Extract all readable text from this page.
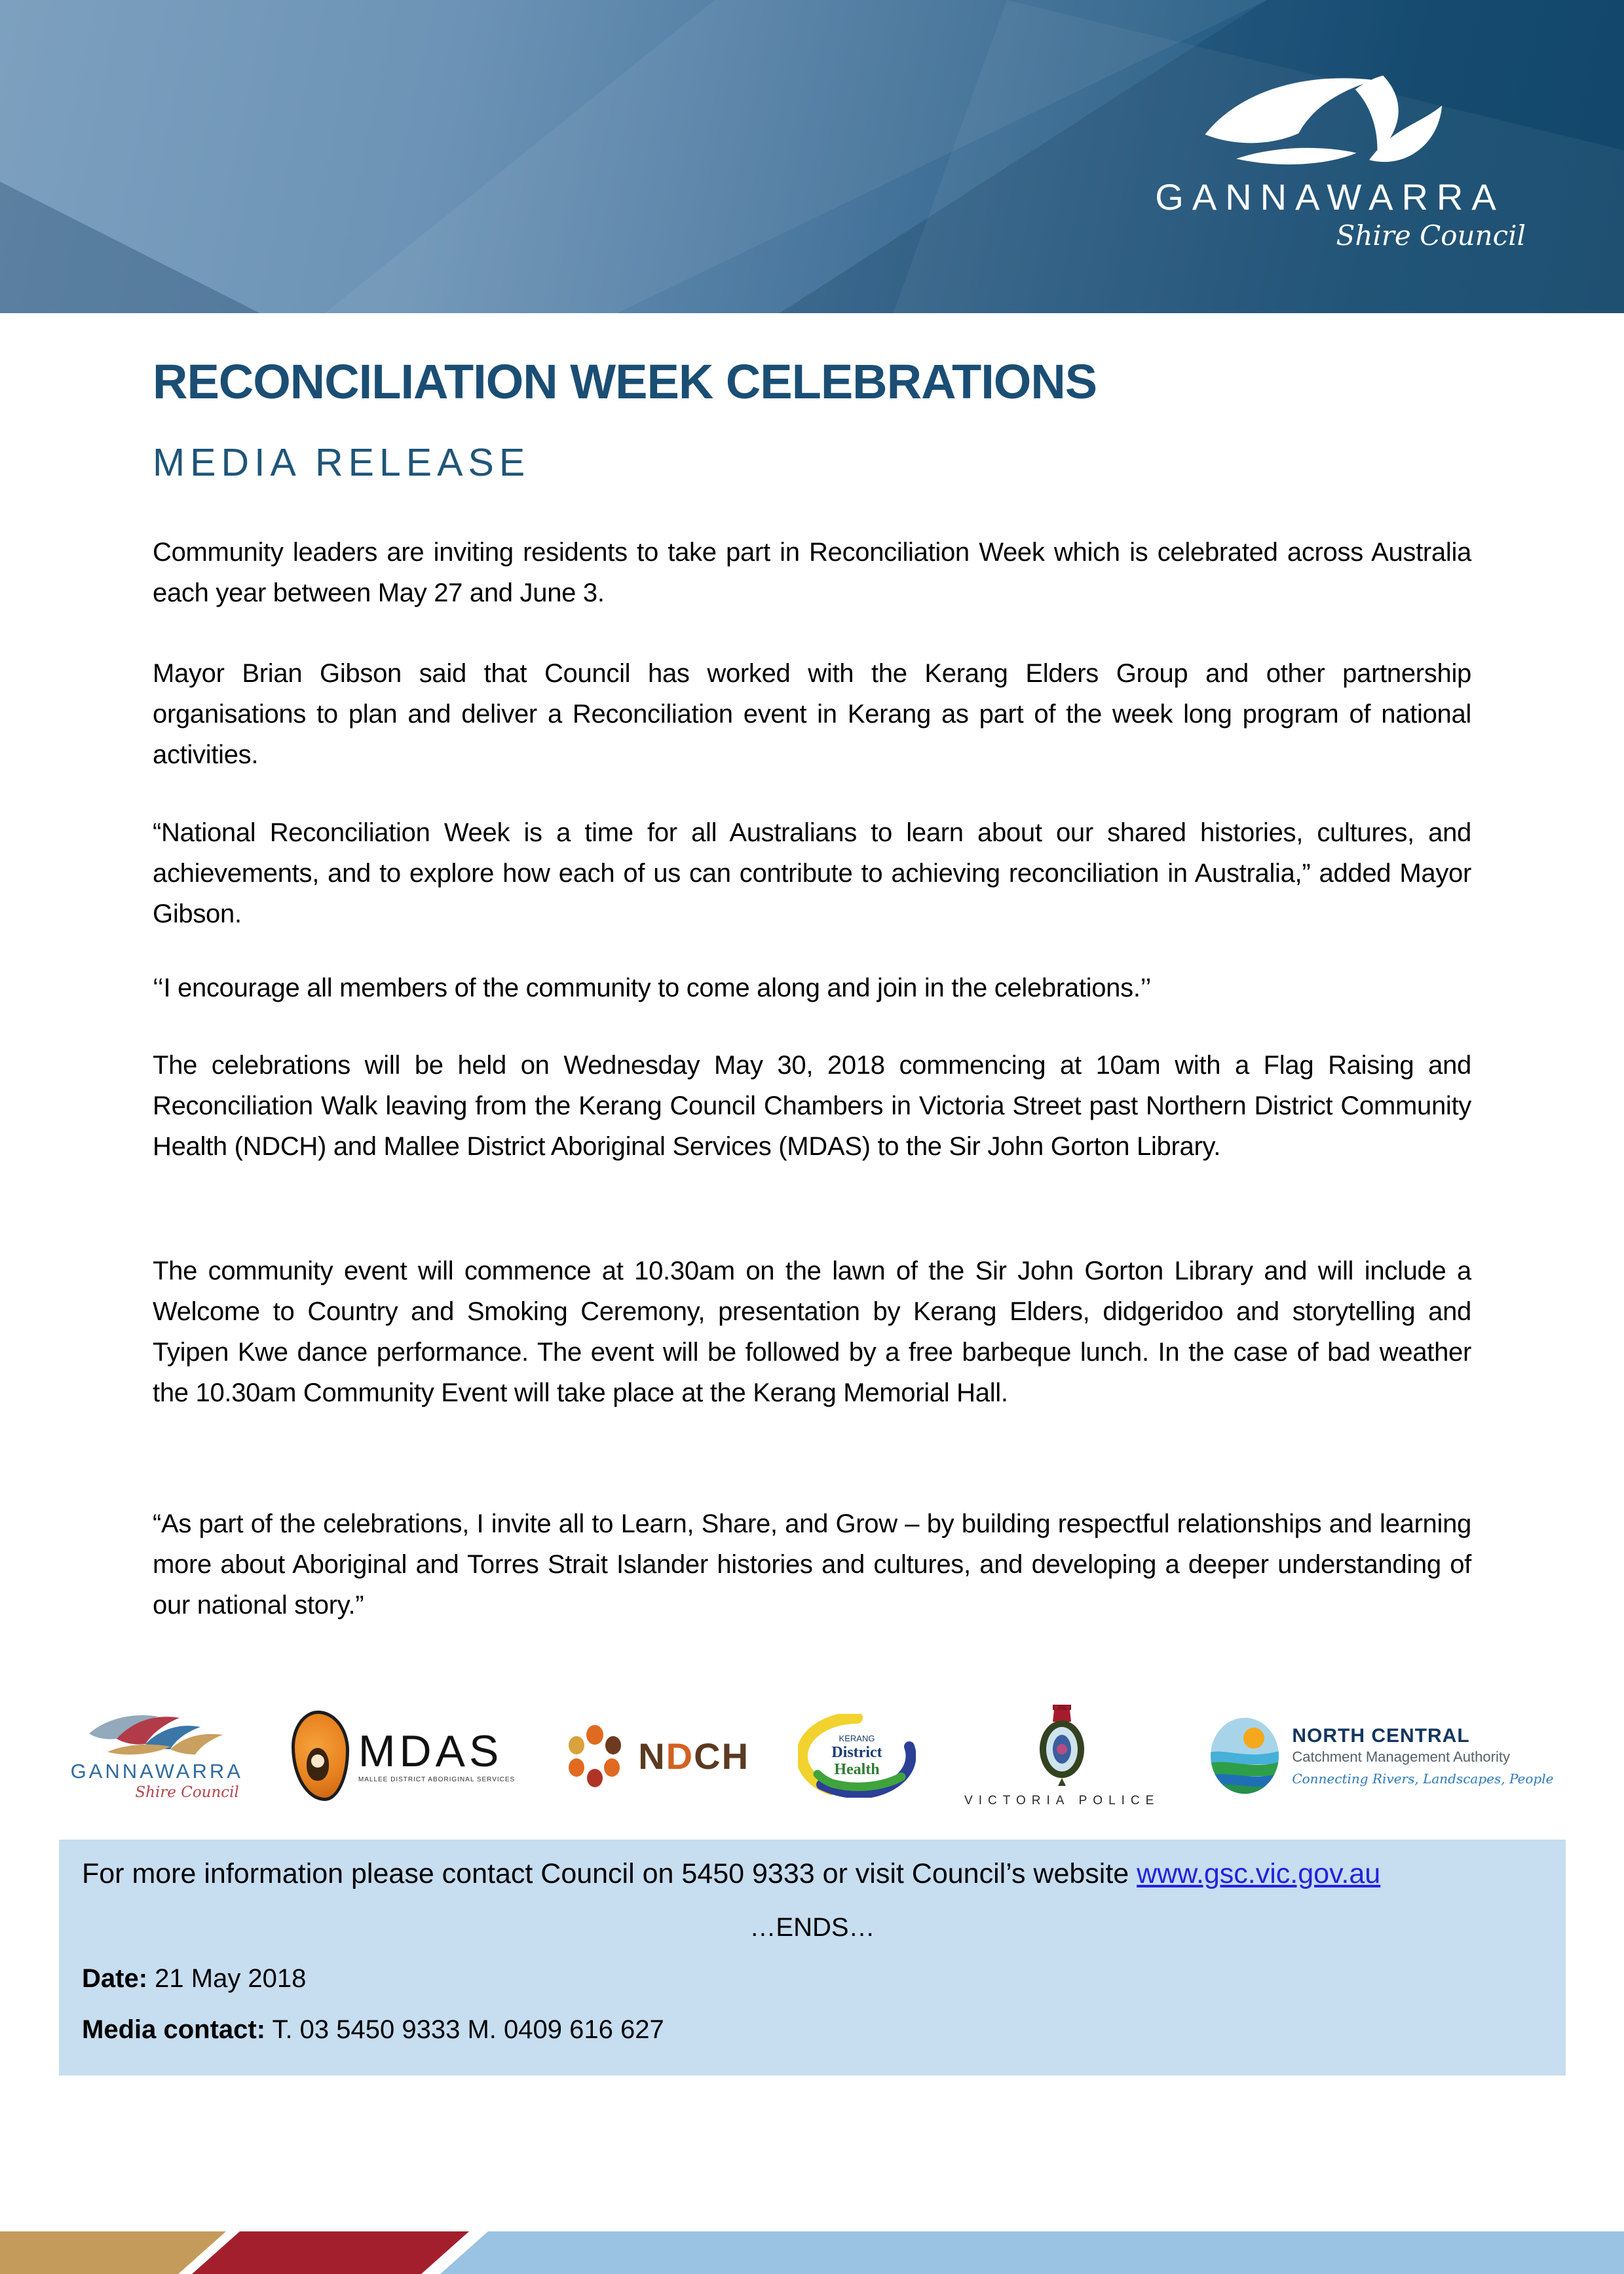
GANNAWARRA
Shire Council
RECONCILIATION WEEK CELEBRATIONS
MEDIA RELEASE

Community leaders are inviting residents to take part in Reconciliation Week which is celebrated across Australia each year between May 27 and June 3.

Mayor Brian Gibson said that Council has worked with the Kerang Elders Group and other partnership organisations to plan and deliver a Reconciliation event in Kerang as part of the week long program of national activities.

“National Reconciliation Week is a time for all Australians to learn about our shared histories, cultures, and achievements, and to explore how each of us can contribute to achieving reconciliation in Australia,” added Mayor Gibson.

‘‘I encourage all members of the community to come along and join in the celebrations.’’

The celebrations will be held on Wednesday May 30, 2018 commencing at 10am with a Flag Raising and Reconciliation Walk leaving from the Kerang Council Chambers in Victoria Street past Northern District Community Health (NDCH) and Mallee District Aboriginal Services (MDAS) to the Sir John Gorton Library.

The community event will commence at 10.30am on the lawn of the Sir John Gorton Library and will include a Welcome to Country and Smoking Ceremony, presentation by Kerang Elders, didgeridoo and storytelling and Tyipen Kwe dance performance. The event will be followed by a free barbeque lunch. In the case of bad weather the 10.30am Community Event will take place at the Kerang Memorial Hall.

“As part of the celebrations, I invite all to Learn, Share, and Grow – by building respectful relationships and learning more about Aboriginal and Torres Strait Islander histories and cultures, and developing a deeper understanding of our national story.”

GANNAWARRA
Shire Council
MDAS
MALLEE DISTRICT ABORIGINAL SERVICES
NDCH	KERANG
District
Health
VICTORIA POLICE
NORTH CENTRAL
Catchment Management Authority
Connecting Rivers, Landscapes, People

For more information please contact Council on 5450 9333 or visit Council’s website www.gsc.vic.gov.au

…ENDS…

Date: 21 May 2018

Media contact: T. 03 5450 9333 M. 0409 616 627
